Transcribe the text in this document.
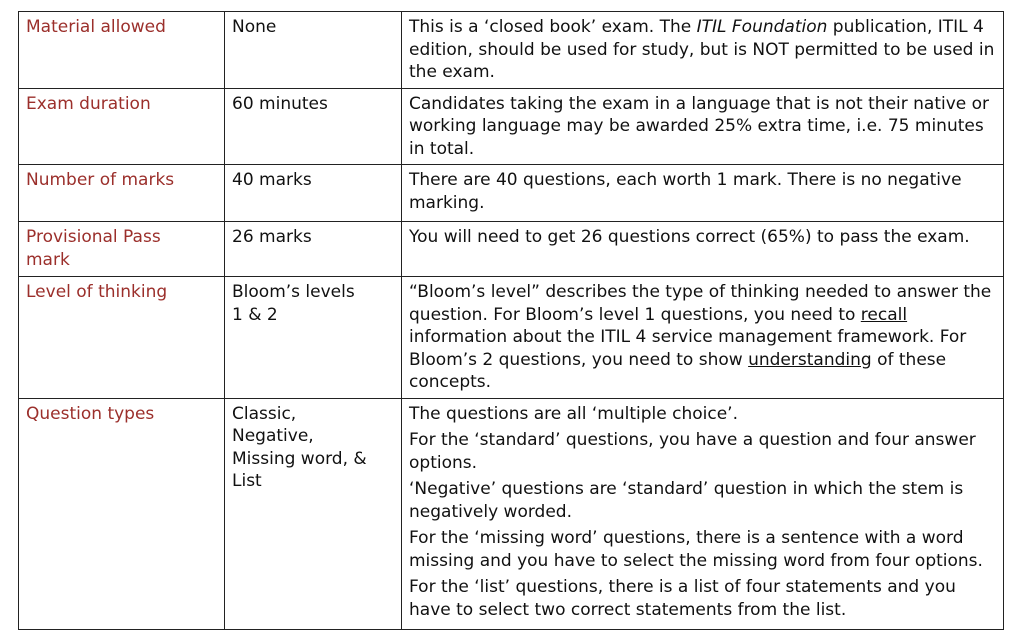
Material allowed	None	This is a ‘closed book’ exam. The ITIL Foundation publication, ITIL 4 edition, should be used for study, but is NOT permitted to be used in the exam.
Exam duration	60 minutes	Candidates taking the exam in a language that is not their native or working language may be awarded 25% extra time, i.e. 75 minutes in total.
Number of marks	40 marks	There are 40 questions, each worth 1 mark. There is no negative marking.
Provisional Pass mark	26 marks	You will need to get 26 questions correct (65%) to pass the exam.
Level of thinking	Bloom’s levels 1 & 2	“Bloom’s level” describes the type of thinking needed to answer the question. For Bloom’s level 1 questions, you need to recall information about the ITIL 4 service management framework. For Bloom’s 2 questions, you need to show understanding of these concepts.
Question types	Classic, Negative, Missing word, & List	The questions are all ‘multiple choice’.

For the ‘standard’ questions, you have a question and four answer options.

‘Negative’ questions are ‘standard’ question in which the stem is negatively worded.

For the ‘missing word’ questions, there is a sentence with a word missing and you have to select the missing word from four options.

For the ‘list’ questions, there is a list of four statements and you have to select two correct statements from the list.
